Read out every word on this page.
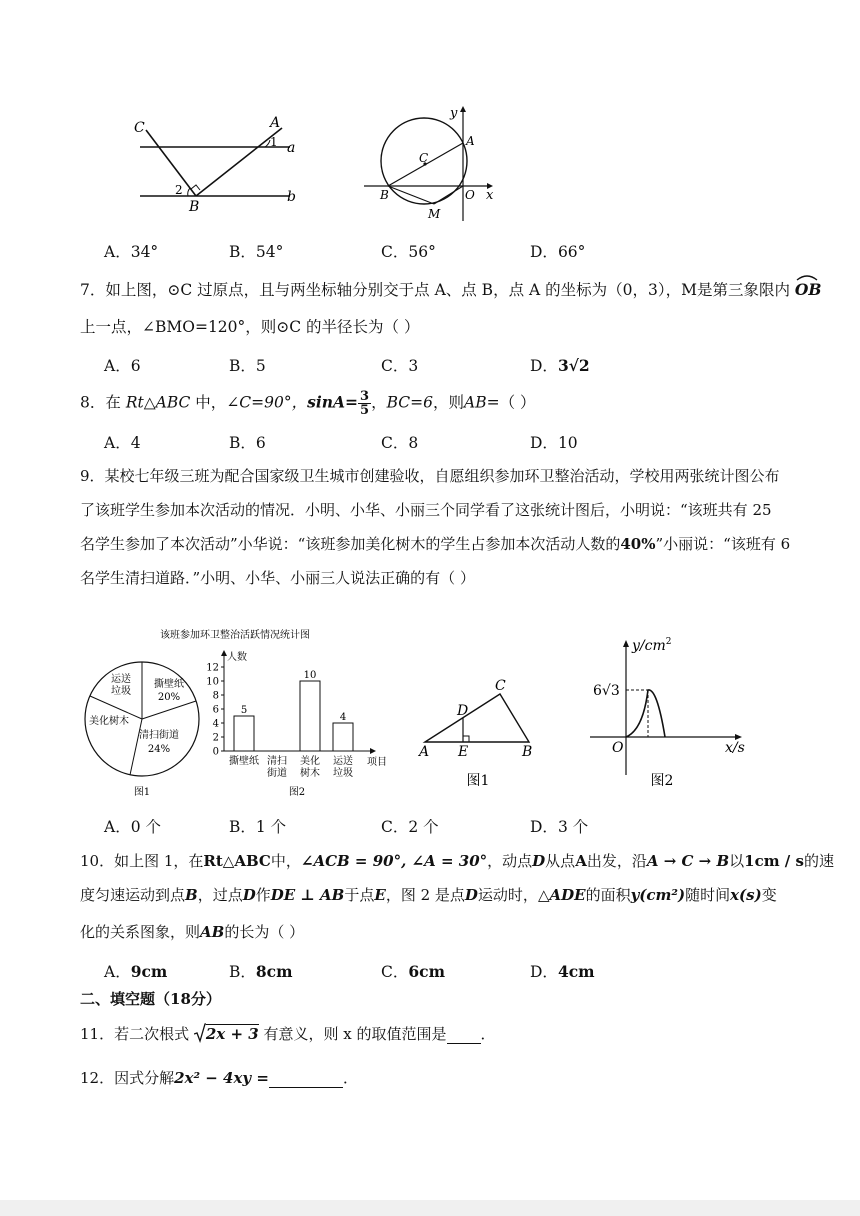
C	A
a
b
B
1
2
y
A
C
B	O x
M
A．34°	B．54°	C．56°	D．66°
7．如上图，⊙C 过原点，且与两坐标轴分别交于点 A、点 B，点 A 的坐标为（0，3），M是第三象限内 OB
上一点，∠BMO=120°，则⊙C 的半径长为（ ）
A．6	B．5	C．3	D．3√2
8．在 Rt△ABC 中，∠C=90°，$\sin A= \frac{3}{5}$ ，BC=6，则AB=（ ）
A．4	B．6	C．8	D．10
9．某校七年级三班为配合国家级卫生城市创建验收，自愿组织参加环卫整治活动，学校用两张统计图公布
了该班学生参加本次活动的情况．小明、小华、小丽三个同学看了这张统计图后，小明说：“该班共有 25
名学生参加了本次活动”小华说：“该班参加美化树木的学生占参加本次活动人数的40%”小丽说：“该班有 6
名学生清扫道路．”小明、小华、小丽三人说法正确的有（ ）
该班参加环卫整治活跃情况统计图
撕壁纸
20%
清扫街道
24%
美化树木
运送
垃圾
图1
人数
项目
图2
0
2
4
6
8
10
12
5
撕壁纸 清扫
街道
10
美化
树木
4
运送
垃圾
C
D
A E	B
图1
$y/cm^2$
6√3
O	x/s
图2
A．0 个	B．1 个	C．2 个	D．3 个
10．如上图 1，在Rt△ABC中，∠ACB = 90°, ∠A = 30°，动点D从点A出发，沿A → C → B以1cm / s的速
度匀速运动到点B，过点D作DE ⊥ AB于点E，图 2 是点D运动时，△ADE的面积y(cm²)随时间x(s)变
化的关系图象，则AB的长为（ ）
A．9cm	B．8cm	C．6cm	D．4cm
二、填空题（18分）
11．若二次根式 2x + 3 有意义，则 x 的取值范围是 ．
12．因式分解2x² − 4xy =	．
